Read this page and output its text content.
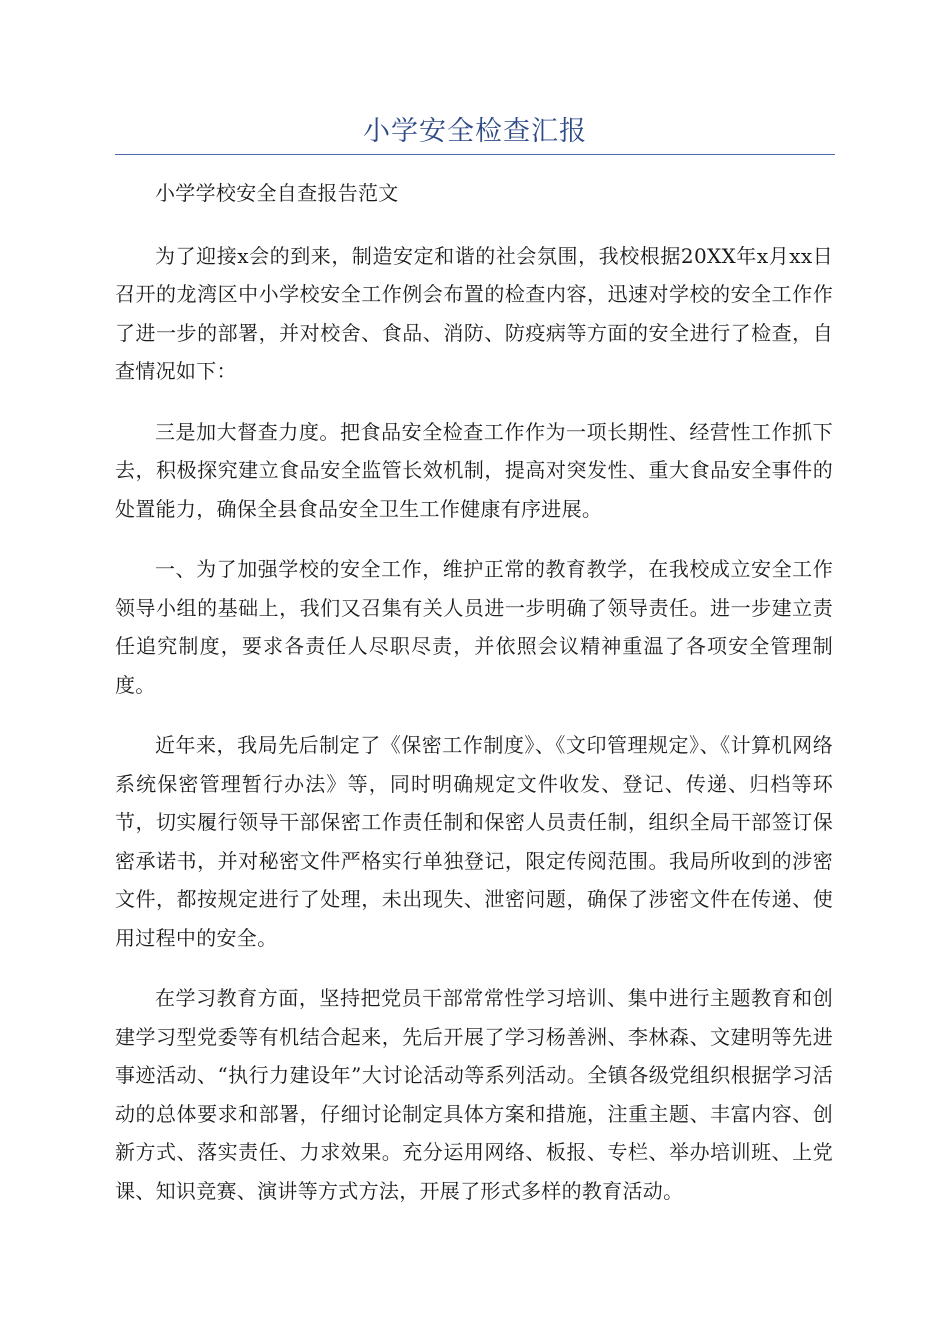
小学安全检查汇报

小学学校安全自查报告范文

为了迎接x会的到来，制造安定和谐的社会氛围，我校根据20XX年x月xx日召开的龙湾区中小学校安全工作例会布置的检查内容，迅速对学校的安全工作作了进一步的部署，并对校舍、食品、消防、防疫病等方面的安全进行了检查，自查情况如下：

三是加大督查力度。把食品安全检查工作作为一项长期性、经营性工作抓下去，积极探究建立食品安全监管长效机制，提高对突发性、重大食品安全事件的处置能力，确保全县食品安全卫生工作健康有序进展。

一、为了加强学校的安全工作，维护正常的教育教学，在我校成立安全工作领导小组的基础上，我们又召集有关人员进一步明确了领导责任。进一步建立责任追究制度，要求各责任人尽职尽责，并依照会议精神重温了各项安全管理制度。

近年来，我局先后制定了《保密工作制度》、《文印管理规定》、《计算机网络系统保密管理暂行办法》等，同时明确规定文件收发、登记、传递、归档等环节，切实履行领导干部保密工作责任制和保密人员责任制，组织全局干部签订保密承诺书，并对秘密文件严格实行单独登记，限定传阅范围。我局所收到的涉密文件，都按规定进行了处理，未出现失、泄密问题，确保了涉密文件在传递、使用过程中的安全。

在学习教育方面，坚持把党员干部常常性学习培训、集中进行主题教育和创建学习型党委等有机结合起来，先后开展了学习杨善洲、李林森、文建明等先进事迹活动、“执行力建设年”大讨论活动等系列活动。全镇各级党组织根据学习活动的总体要求和部署，仔细讨论制定具体方案和措施，注重主题、丰富内容、创新方式、落实责任、力求效果。充分运用网络、板报、专栏、举办培训班、上党课、知识竞赛、演讲等方式方法，开展了形式多样的教育活动。
